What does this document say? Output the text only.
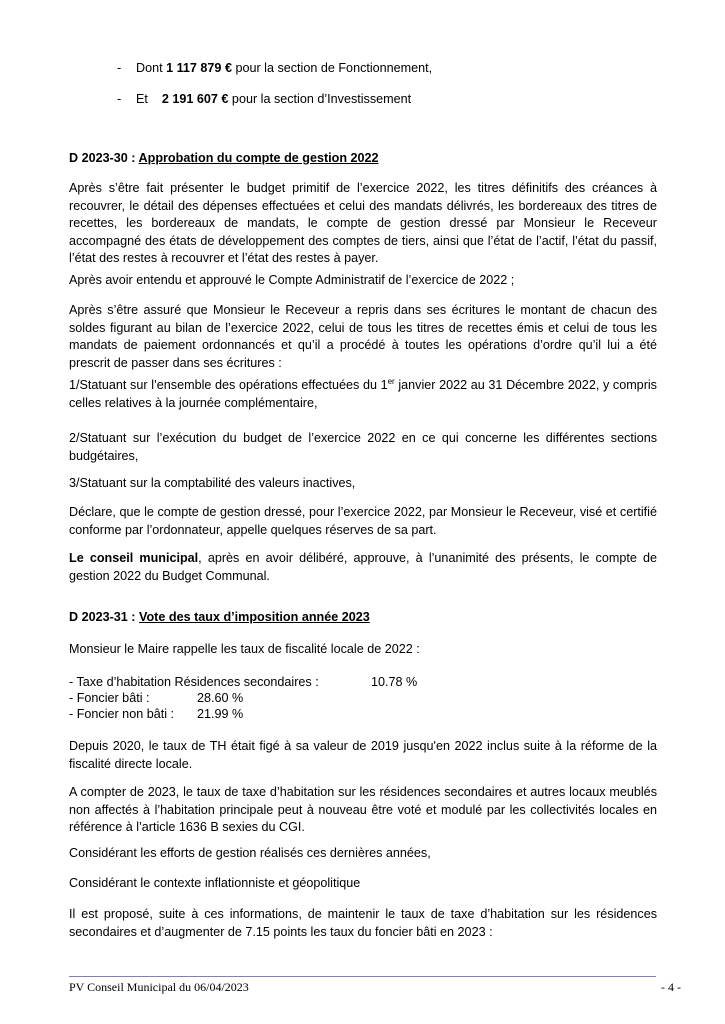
- Dont 1 117 879 € pour la section de Fonctionnement,
- Et    2 191 607 € pour la section d’Investissement
D 2023-30 : Approbation du compte de gestion 2022

Après s’être fait présenter le budget primitif de l’exercice 2022, les titres définitifs des créances à recouvrer, le détail des dépenses effectuées et celui des mandats délivrés, les bordereaux des titres de recettes, les bordereaux de mandats, le compte de gestion dressé par Monsieur le Receveur accompagné des états de développement des comptes de tiers, ainsi que l’état de l’actif, l’état du passif, l’état des restes à recouvrer et l’état des restes à payer.

Après avoir entendu et approuvé le Compte Administratif de l’exercice de 2022 ;

Après s’être assuré que Monsieur le Receveur a repris dans ses écritures le montant de chacun des soldes figurant au bilan de l’exercice 2022, celui de tous les titres de recettes émis et celui de tous les mandats de paiement ordonnancés et qu’il a procédé à toutes les opérations d’ordre qu’il lui a été prescrit de passer dans ses écritures :

1/Statuant sur l’ensemble des opérations effectuées du 1er janvier 2022 au 31 Décembre 2022, y compris celles relatives à la journée complémentaire,

2/Statuant sur l’exécution du budget de l’exercice 2022 en ce qui concerne les différentes sections budgétaires,

3/Statuant sur la comptabilité des valeurs inactives,

Déclare, que le compte de gestion dressé, pour l’exercice 2022, par Monsieur le Receveur, visé et certifié conforme par l’ordonnateur, appelle quelques réserves de sa part.

Le conseil municipal, après en avoir délibéré, approuve, à l’unanimité des présents, le compte de gestion 2022 du Budget Communal.

D 2023-31 : Vote des taux d’imposition année 2023

Monsieur le Maire rappelle les taux de fiscalité locale de 2022 :

- Taxe d’habitation Résidences secondaires :	10.78 %
- Foncier bâti :	28.60 %
- Foncier non bâti : 21.99 %

Depuis 2020, le taux de TH était figé à sa valeur de 2019 jusqu'en 2022 inclus suite à la réforme de la fiscalité directe locale.

A compter de 2023, le taux de taxe d’habitation sur les résidences secondaires et autres locaux meublés non affectés à l’habitation principale peut à nouveau être voté et modulé par les collectivités locales en référence à l’article 1636 B sexies du CGI.

Considérant les efforts de gestion réalisés ces dernières années,

Considérant le contexte inflationniste et géopolitique

Il est proposé, suite à ces informations, de maintenir le taux de taxe d’habitation sur les résidences secondaires et d’augmenter de 7.15 points les taux du foncier bâti en 2023 :

PV Conseil Municipal du 06/04/2023	- 4 -
